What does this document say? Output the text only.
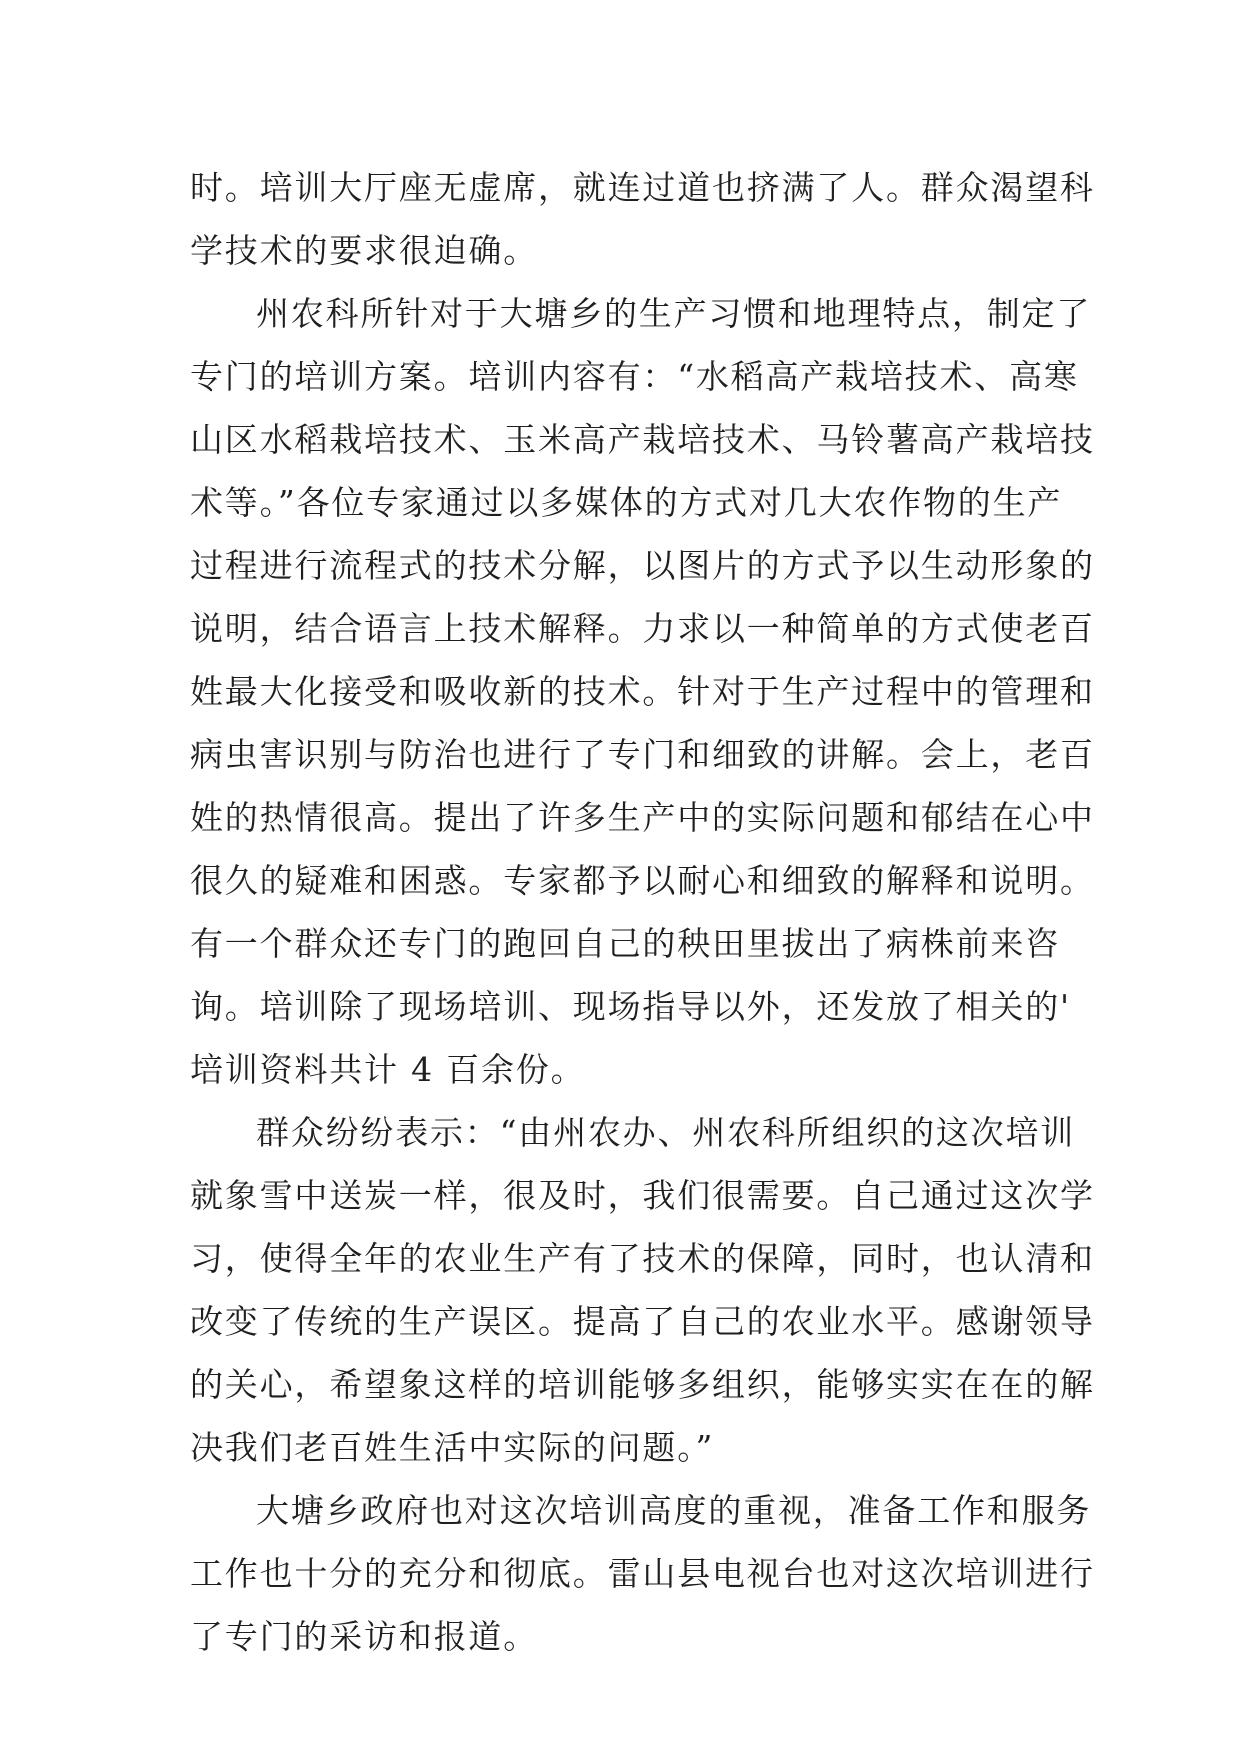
时。培训大厅座无虚席，就连过道也挤满了人。群众渴望科
学技术的要求很迫确。
州农科所针对于大塘乡的生产习惯和地理特点，制定了
专门的培训方案。培训内容有：“水稻高产栽培技术、高寒
山区水稻栽培技术、玉米高产栽培技术、马铃薯高产栽培技
术等。”各位专家通过以多媒体的方式对几大农作物的生产
过程进行流程式的技术分解，以图片的方式予以生动形象的
说明，结合语言上技术解释。力求以一种简单的方式使老百
姓最大化接受和吸收新的技术。针对于生产过程中的管理和
病虫害识别与防治也进行了专门和细致的讲解。会上，老百
姓的热情很高。提出了许多生产中的实际问题和郁结在心中
很久的疑难和困惑。专家都予以耐心和细致的解释和说明。
有一个群众还专门的跑回自己的秧田里拔出了病株前来咨
询。培训除了现场培训、现场指导以外，还发放了相关的'
培训资料共计 4 百余份。
群众纷纷表示：“由州农办、州农科所组织的这次培训
就象雪中送炭一样，很及时，我们很需要。自己通过这次学
习，使得全年的农业生产有了技术的保障，同时，也认清和
改变了传统的生产误区。提高了自己的农业水平。感谢领导
的关心，希望象这样的培训能够多组织，能够实实在在的解
决我们老百姓生活中实际的问题。”
大塘乡政府也对这次培训高度的重视，准备工作和服务
工作也十分的充分和彻底。雷山县电视台也对这次培训进行
了专门的采访和报道。
